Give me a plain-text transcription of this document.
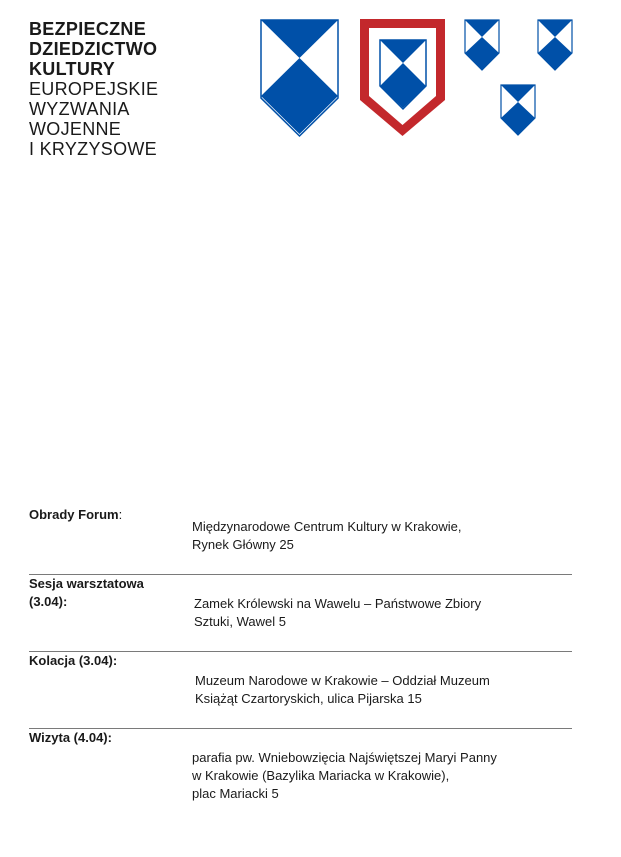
BEZPIECZNE
DZIEDZICTWO
KULTURY
EUROPEJSKIE
WYZWANIA
WOJENNE
I KRYZYSOWE
Obrady Forum:
Międzynarodowe Centrum Kultury w Krakowie,
Rynek Główny 25
Sesja warsztatowa
(3.04):	Zamek Królewski na Wawelu – Państwowe Zbiory
Sztuki, Wawel 5
Kolacja (3.04):
Muzeum Narodowe w Krakowie – Oddział Muzeum
Książąt Czartoryskich, ulica Pijarska 15
Wizyta (4.04):
parafia pw. Wniebowzięcia Najświętszej Maryi Panny
w Krakowie (Bazylika Mariacka w Krakowie),
plac Mariacki 5
